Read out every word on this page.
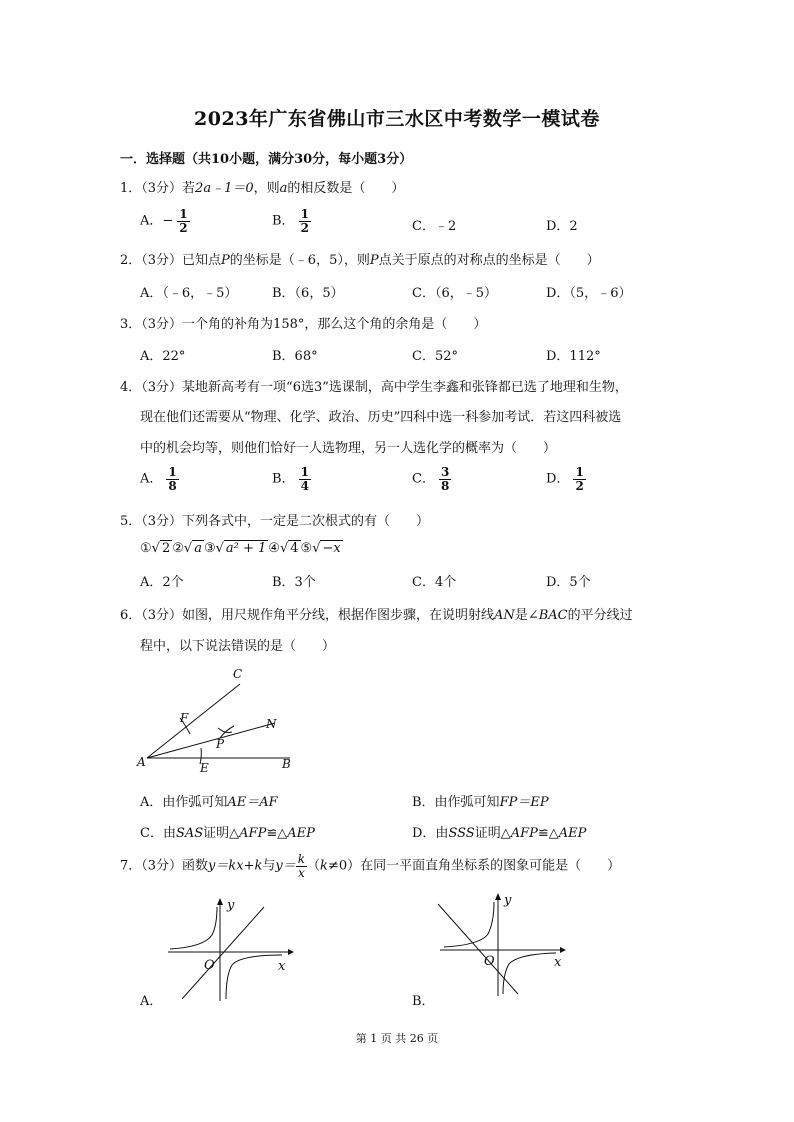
2023年广东省佛山市三水区中考数学一模试卷
一．选择题（共10小题，满分30分，每小题3分）
1．（3分）若2a﹣1＝0，则a的相反数是（　　）
A．− $\frac{1}{2}$	B． $\frac{1}{2}$	C．﹣2	D．2
2．（3分）已知点P的坐标是（﹣6，5），则P点关于原点的对称点的坐标是（　　）
A．（﹣6，﹣5）	B．（6，5）	C．（6，﹣5）	D．（5，﹣6）
3．（3分）一个角的补角为158°，那么这个角的余角是（　　）
A．22°	B．68°	C．52°	D．112°
4．（3分）某地新高考有一项“6选3”选课制，高中学生李鑫和张锋都已选了地理和生物，
现在他们还需要从“物理、化学、政治、历史”四科中选一科参加考试．若这四科被选
中的机会均等，则他们恰好一人选物理，另一人选化学的概率为（　　）
A． $\frac{1}{8}$	B． $\frac{1}{4}$	C． $\frac{3}{8}$	D． $\frac{1}{2}$
5．（3分）下列各式中，一定是二次根式的有（　　）
①√ 2 ②√ a ③√ a² + 1 ④√ 4 ⑤√ −x
A．2个	B．3个	C．4个	D．5个
6．（3分）如图，用尺规作角平分线，根据作图步骤，在说明射线AN是∠BAC的平分线过
程中，以下说法错误的是（　　）
C
F	N
P
A	E	B
A．由作弧可知AE＝AF	B．由作弧可知FP＝EP
C．由SAS证明△AFP≌△AEP	D．由SSS证明△AFP≌△AEP
7．（3分）函数y＝kx+k与$y= \frac{k}{x} (k\ne 0)$在同一平面直角坐标系的图象可能是（　　）
y
x
O
A．
y
x
O
B．
第 1 页 共 26 页
